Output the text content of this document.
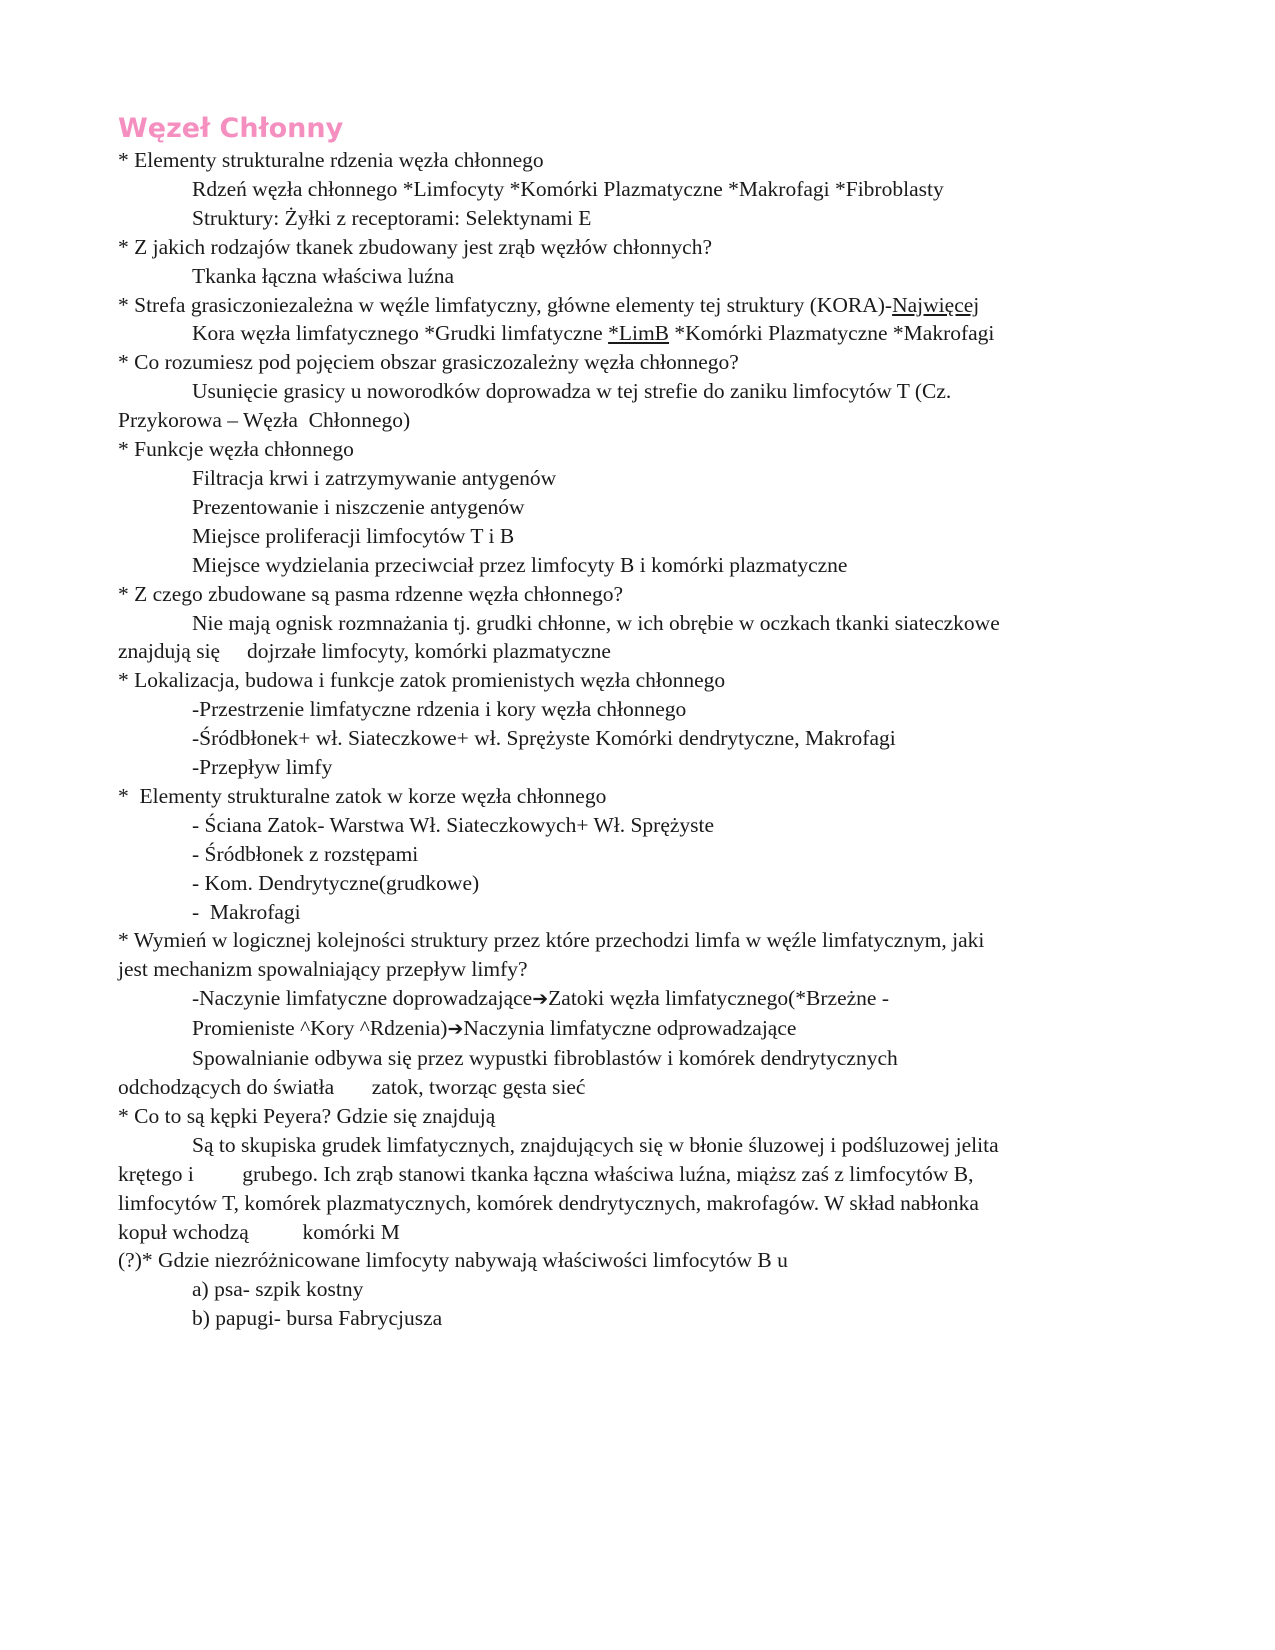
Węzeł Chłonny
* Elementy strukturalne rdzenia węzła chłonnego
Rdzeń węzła chłonnego *Limfocyty *Komórki Plazmatyczne *Makrofagi *Fibroblasty
Struktury: Żyłki z receptorami: Selektynami E
* Z jakich rodzajów tkanek zbudowany jest zrąb węzłów chłonnych?
Tkanka łączna właściwa luźna
* Strefa grasiczoniezależna w węźle limfatyczny, główne elementy tej struktury (KORA)-Najwięcej
Kora węzła limfatycznego *Grudki limfatyczne *LimB *Komórki Plazmatyczne *Makrofagi
* Co rozumiesz pod pojęciem obszar grasiczozależny węzła chłonnego?
Usunięcie grasicy u noworodków doprowadza w tej strefie do zaniku limfocytów T (Cz.
Przykorowa – Węzła  Chłonnego)
* Funkcje węzła chłonnego
Filtracja krwi i zatrzymywanie antygenów
Prezentowanie i niszczenie antygenów
Miejsce proliferacji limfocytów T i B
Miejsce wydzielania przeciwciał przez limfocyty B i komórki plazmatyczne
* Z czego zbudowane są pasma rdzenne węzła chłonnego?
Nie mają ognisk rozmnażania tj. grudki chłonne, w ich obrębie w oczkach tkanki siateczkowe
znajdują się     dojrzałe limfocyty, komórki plazmatyczne
* Lokalizacja, budowa i funkcje zatok promienistych węzła chłonnego
-Przestrzenie limfatyczne rdzenia i kory węzła chłonnego
-Śródbłonek+ wł. Siateczkowe+ wł. Sprężyste Komórki dendrytyczne, Makrofagi
-Przepływ limfy
*  Elementy strukturalne zatok w korze węzła chłonnego
- Ściana Zatok- Warstwa Wł. Siateczkowych+ Wł. Sprężyste
- Śródbłonek z rozstępami
- Kom. Dendrytyczne(grudkowe)
-  Makrofagi
* Wymień w logicznej kolejności struktury przez które przechodzi limfa w węźle limfatycznym, jaki
jest mechanizm spowalniający przepływ limfy?
-Naczynie limfatyczne doprowadzające➔Zatoki węzła limfatycznego(*Brzeżne -
Promieniste ^Kory ^Rdzenia)➔Naczynia limfatyczne odprowadzające
Spowalnianie odbywa się przez wypustki fibroblastów i komórek dendrytycznych
odchodzących do światła       zatok, tworząc gęsta sieć
* Co to są kępki Peyera? Gdzie się znajdują
Są to skupiska grudek limfatycznych, znajdujących się w błonie śluzowej i podśluzowej jelita
krętego i         grubego. Ich zrąb stanowi tkanka łączna właściwa luźna, miąższ zaś z limfocytów B,
limfocytów T, komórek plazmatycznych, komórek dendrytycznych, makrofagów. W skład nabłonka
kopuł wchodzą          komórki M
(?)* Gdzie niezróżnicowane limfocyty nabywają właściwości limfocytów B u
a) psa- szpik kostny
b) papugi- bursa Fabrycjusza
